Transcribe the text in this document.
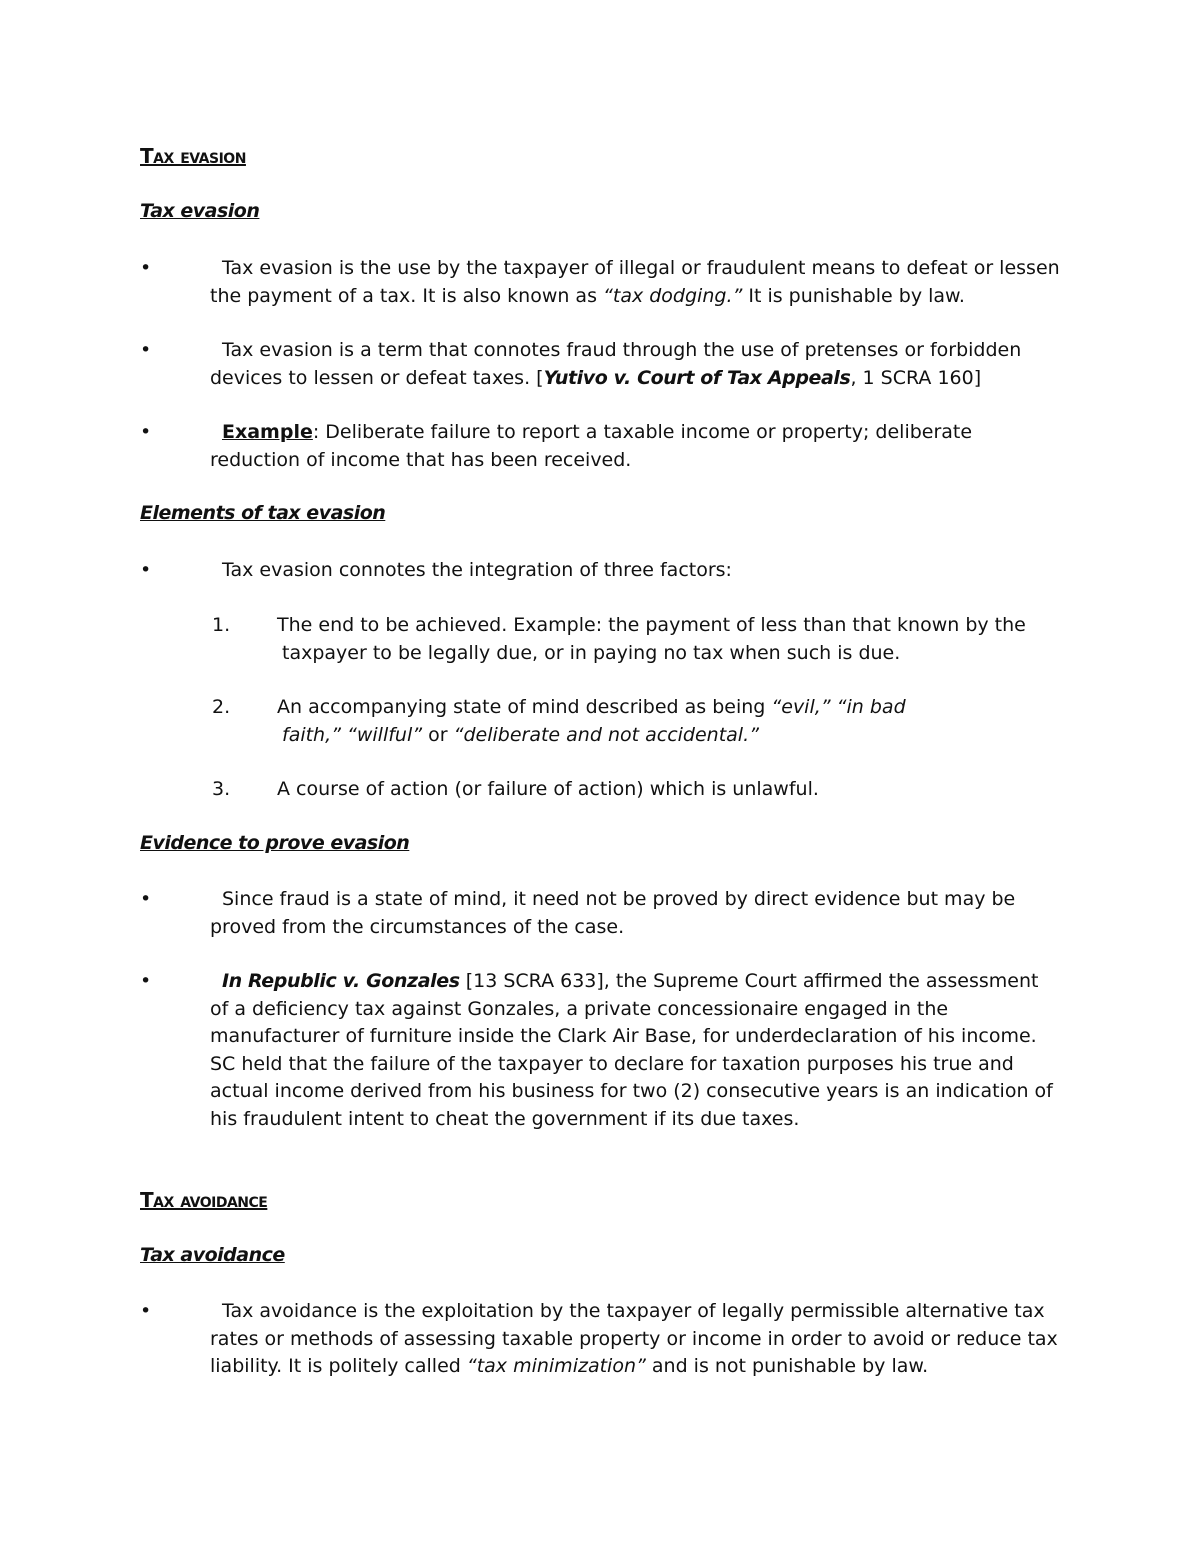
Tax evasion

Tax evasion

•	Tax evasion is the use by the taxpayer of illegal or fraudulent means to defeat or lessen the payment of a tax. It is also known as “tax dodging.” It is punishable by law.
•	Tax evasion is a term that connotes fraud through the use of pretenses or forbidden devices to lessen or defeat taxes. [Yutivo v. Court of Tax Appeals, 1 SCRA 160]
•	Example: Deliberate failure to report a taxable income or property; deliberate reduction of income that has been received.

Elements of tax evasion

•	Tax evasion connotes the integration of three factors:
1.	The end to be achieved. Example: the payment of less than that known by the
taxpayer to be legally due, or in paying no tax when such is due.
2.	An accompanying state of mind described as being “evil,” “in bad
faith,” “willful” or “deliberate and not accidental.”
3.	A course of action (or failure of action) which is unlawful.

Evidence to prove evasion

•	Since fraud is a state of mind, it need not be proved by direct evidence but may be proved from the circumstances of the case.
•	In Republic v. Gonzales [13 SCRA 633], the Supreme Court affirmed the assessment of a deficiency tax against Gonzales, a private concessionaire engaged in the manufacturer of furniture inside the Clark Air Base, for underdeclaration of his income. SC held that the failure of the taxpayer to declare for taxation purposes his true and actual income derived from his business for two (2) consecutive years is an indication of his fraudulent intent to cheat the government if its due taxes.

Tax avoidance

Tax avoidance

•	Tax avoidance is the exploitation by the taxpayer of legally permissible alternative tax rates or methods of assessing taxable property or income in order to avoid or reduce tax liability. It is politely called “tax minimization” and is not punishable by law.
